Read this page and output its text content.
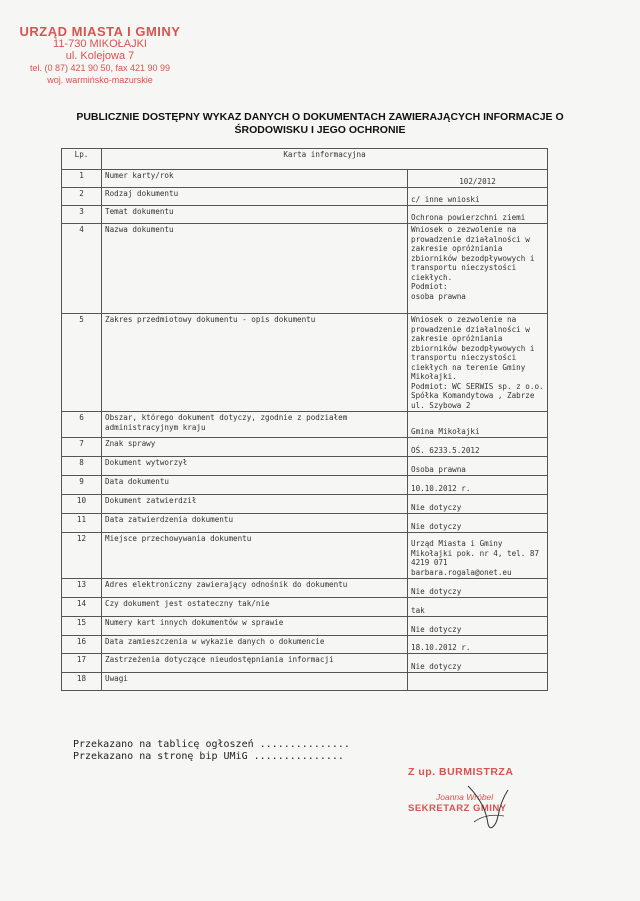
URZĄD MIASTA I GMINY
11-730 MIKOŁAJKI
ul. Kolejowa 7
tel. (0 87) 421 90 50, fax 421 90 99
woj. warmińsko-mazurskie
PUBLICZNIE DOSTĘPNY WYKAZ DANYCH O DOKUMENTACH ZAWIERAJĄCYCH INFORMACJE O
ŚRODOWISKU I JEGO OCHRONIE
Lp.	Karta informacyjna	
1	Numer karty/rok	102/2012
2	Rodzaj dokumentu	c/ inne wnioski
3	Temat dokumentu	Ochrona powierzchni ziemi
4	Nazwa dokumentu	Wniosek o zezwolenie na prowadzenie działalności w zakresie opróżniania zbiorników bezodpływowych i transportu nieczystości ciekłych.
Podmiot:
osoba prawna
5	Zakres przedmiotowy dokumentu - opis dokumentu	Wniosek o zezwolenie na prowadzenie działalności w zakresie opróżniania zbiorników bezodpływowych i transportu nieczystości ciekłych na terenie Gminy Mikołajki.
Podmiot: WC SERWIS sp. z o.o. Spółka Komandytowa , Zabrze ul. Szybowa 2
6	Obszar, którego dokument dotyczy, zgodnie z podziałem administracyjnym kraju	Gmina Mikołajki
7	Znak sprawy	OŚ. 6233.5.2012
8	Dokument wytworzył	Osoba prawna
9	Data dokumentu	10.10.2012 r.
10	Dokument zatwierdził	Nie dotyczy
11	Data zatwierdzenia dokumentu	Nie dotyczy
12	Miejsce przechowywania dokumentu	Urząd Miasta i Gminy Mikołajki pok. nr 4, tel. 87 4219 071
barbara.rogala@onet.eu
13	Adres elektroniczny zawierający odnośnik do dokumentu	Nie dotyczy
14	Czy dokument jest ostateczny tak/nie	tak
15	Numery kart innych dokumentów w sprawie	Nie dotyczy
16	Data zamieszczenia w wykazie danych o dokumencie	18.10.2012 r.
17	Zastrzeżenia dotyczące nieudostępniania informacji	Nie dotyczy
18	Uwagi	
Przekazano na tablicę ogłoszeń ...............
Przekazano na stronę bip UMiG ...............
Z up. BURMISTRZA
Joanna Wróbel
SEKRETARZ GMINY
